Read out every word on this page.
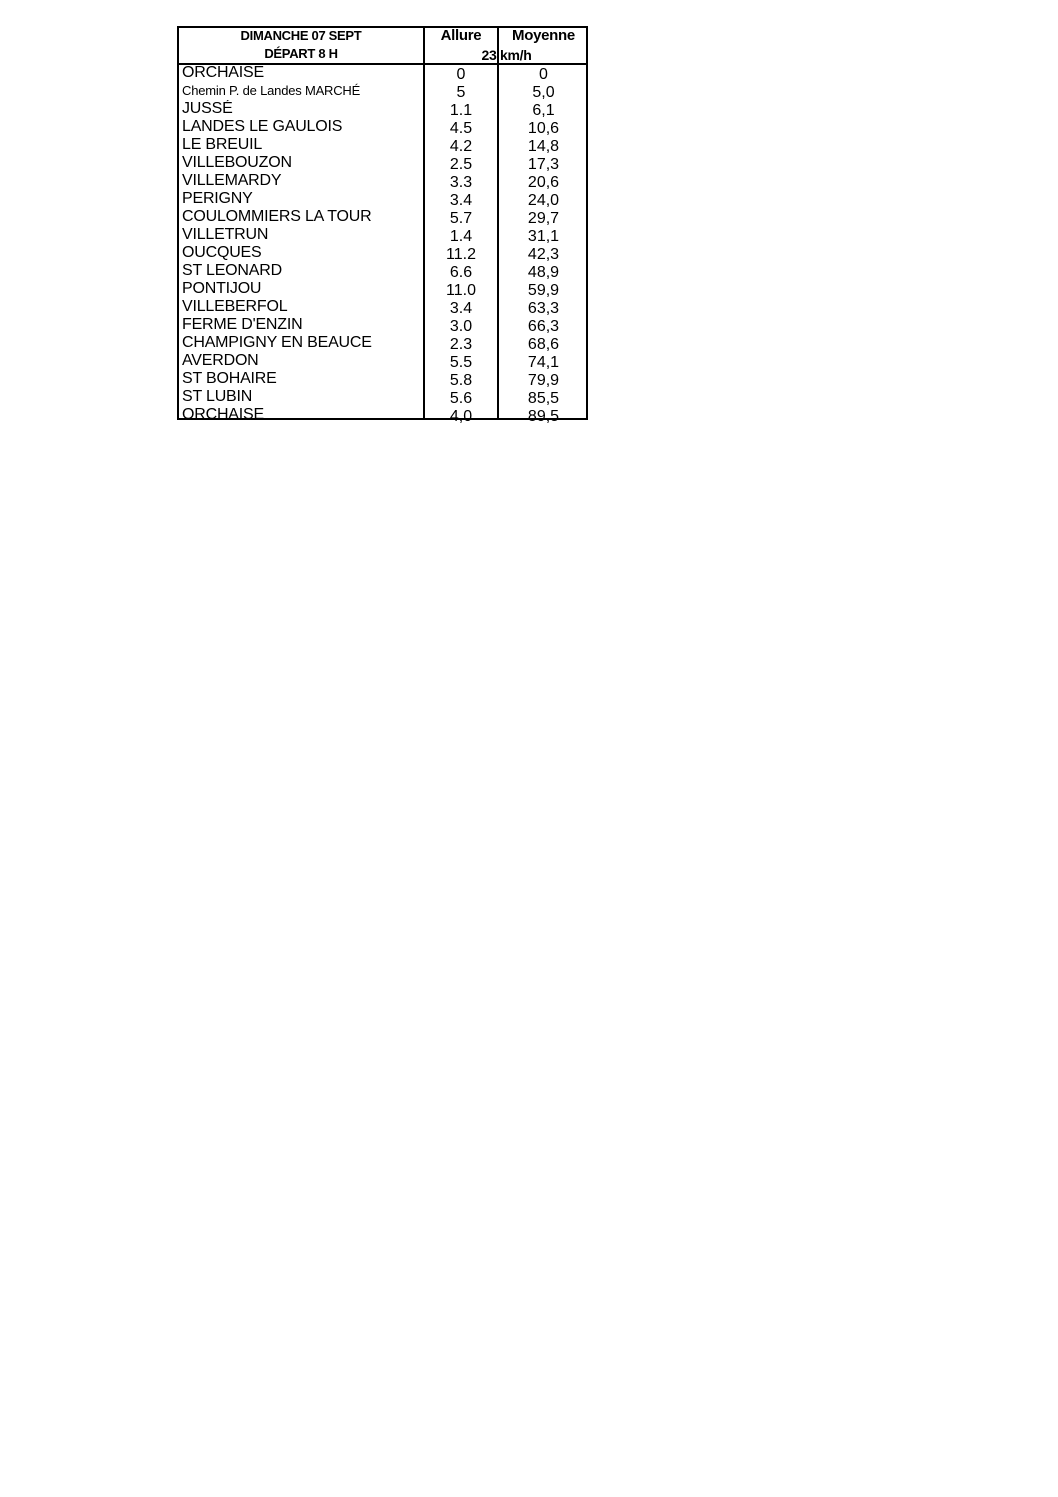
DIMANCHE 07 SEPT
DÉPART 8 H
Allure	Moyenne
23 km/h
ORCHAISE	0	0
Chemin P. de Landes MARCHÉ	5	5,0
JUSSÉ	1.1	6,1
LANDES LE GAULOIS	4.5	10,6
LE BREUIL	4.2	14,8
VILLEBOUZON	2.5	17,3
VILLEMARDY	3.3	20,6
PERIGNY	3.4	24,0
COULOMMIERS LA TOUR	5.7	29,7
VILLETRUN	1.4	31,1
OUCQUES	11.2	42,3
ST LEONARD	6.6	48,9
PONTIJOU	11.0	59,9
VILLEBERFOL	3.4	63,3
FERME D'ENZIN	3.0	66,3
CHAMPIGNY EN BEAUCE	2.3	68,6
AVERDON	5.5	74,1
ST BOHAIRE	5.8	79,9
ST LUBIN	5.6	85,5
ORCHAISE	4,0	89,5
